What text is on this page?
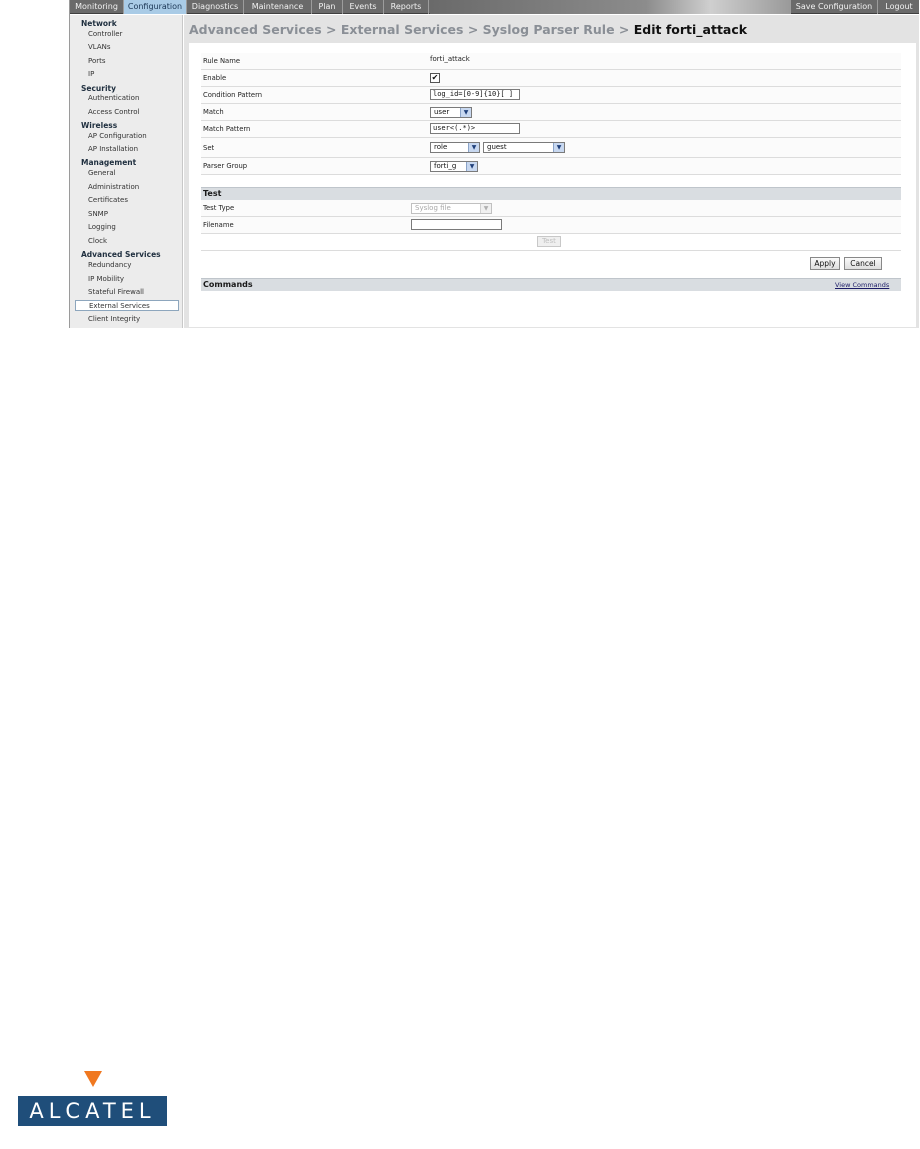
Monitoring	Configuration	Diagnostics	Maintenance	Plan	Events	Reports	Save Configuration	Logout
Network
Controller
VLANs
Ports
IP
Security
Authentication
Access Control
Wireless
AP Configuration
AP Installation
Management
General
Administration
Certificates
SNMP
Logging
Clock
Advanced Services
Redundancy
IP Mobility
Stateful Firewall
External Services
Client Integrity
Advanced Services > External Services > Syslog Parser Rule > Edit forti_attack
Rule Name	forti_attack
Enable	✔
Condition Pattern	log_id=[0-9]{10}[ ]
Match	user	▼
Match Pattern	user<(.*)>
Set	role	▼	guest	▼
Parser Group	forti_g	▼
Test
Test Type	Syslog file	▼
Filename
Test
Apply	Cancel
Commands	View Commands
ALCATEL
